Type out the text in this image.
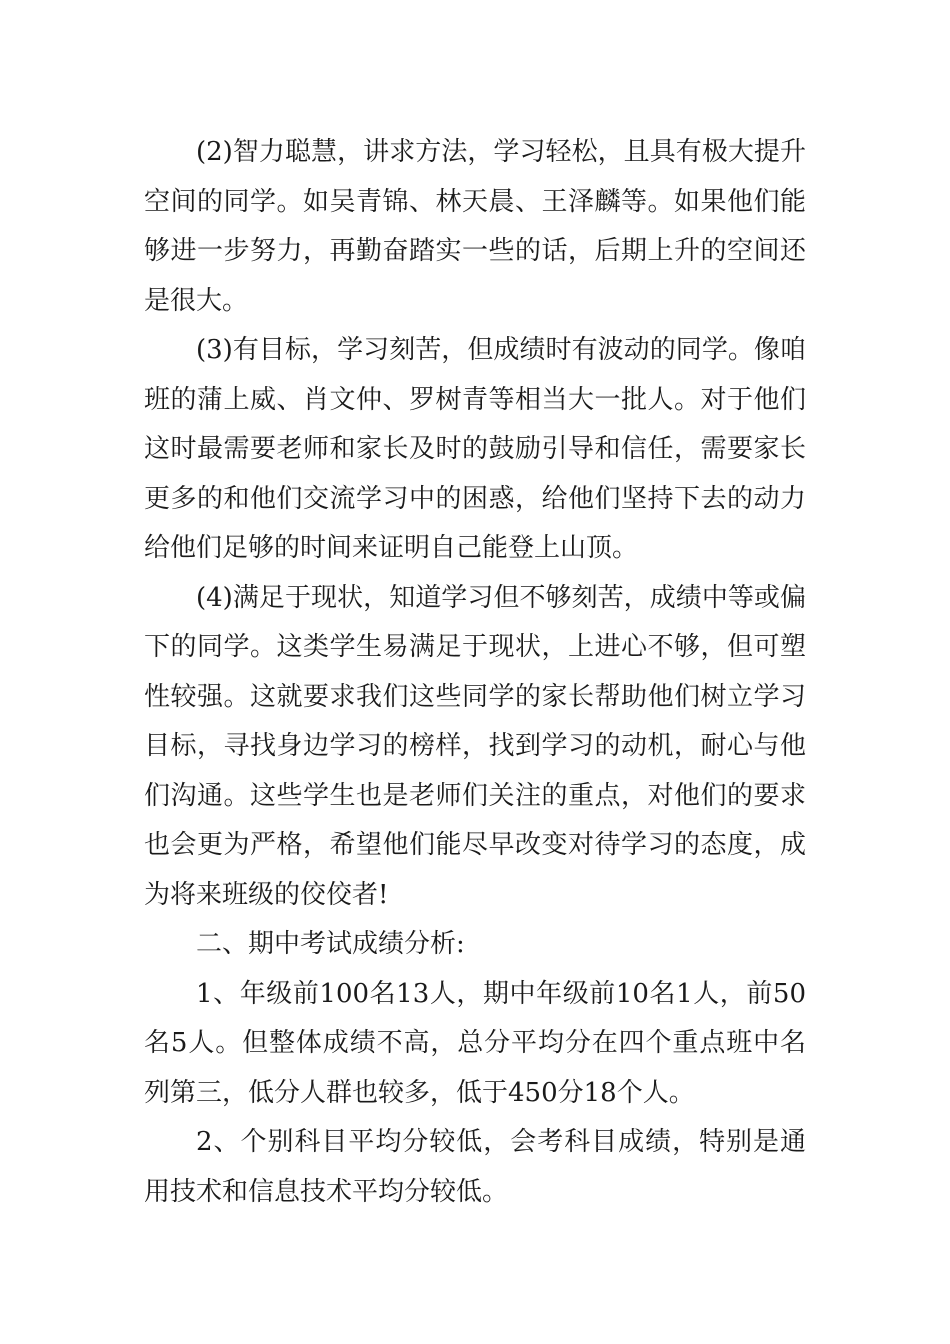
(2)智力聪慧，讲求方法，学习轻松，且具有极大提升空间的同学。如吴青锦、林天晨、王泽麟等。如果他们能够进一步努力，再勤奋踏实一些的话，后期上升的空间还是很大。

(3)有目标，学习刻苦，但成绩时有波动的同学。像咱班的蒲上威、肖文仲、罗树青等相当大一批人。对于他们这时最需要老师和家长及时的鼓励引导和信任，需要家长更多的和他们交流学习中的困惑，给他们坚持下去的动力给他们足够的时间来证明自己能登上山顶。

(4)满足于现状，知道学习但不够刻苦，成绩中等或偏下的同学。这类学生易满足于现状，上进心不够，但可塑性较强。这就要求我们这些同学的家长帮助他们树立学习目标，寻找身边学习的榜样，找到学习的动机，耐心与他们沟通。这些学生也是老师们关注的重点，对他们的要求也会更为严格，希望他们能尽早改变对待学习的态度，成为将来班级的佼佼者!

二、期中考试成绩分析:

1、年级前100名13人，期中年级前10名1人，前50名5人。但整体成绩不高，总分平均分在四个重点班中名列第三，低分人群也较多，低于450分18个人。

2、个别科目平均分较低，会考科目成绩，特别是通用技术和信息技术平均分较低。
